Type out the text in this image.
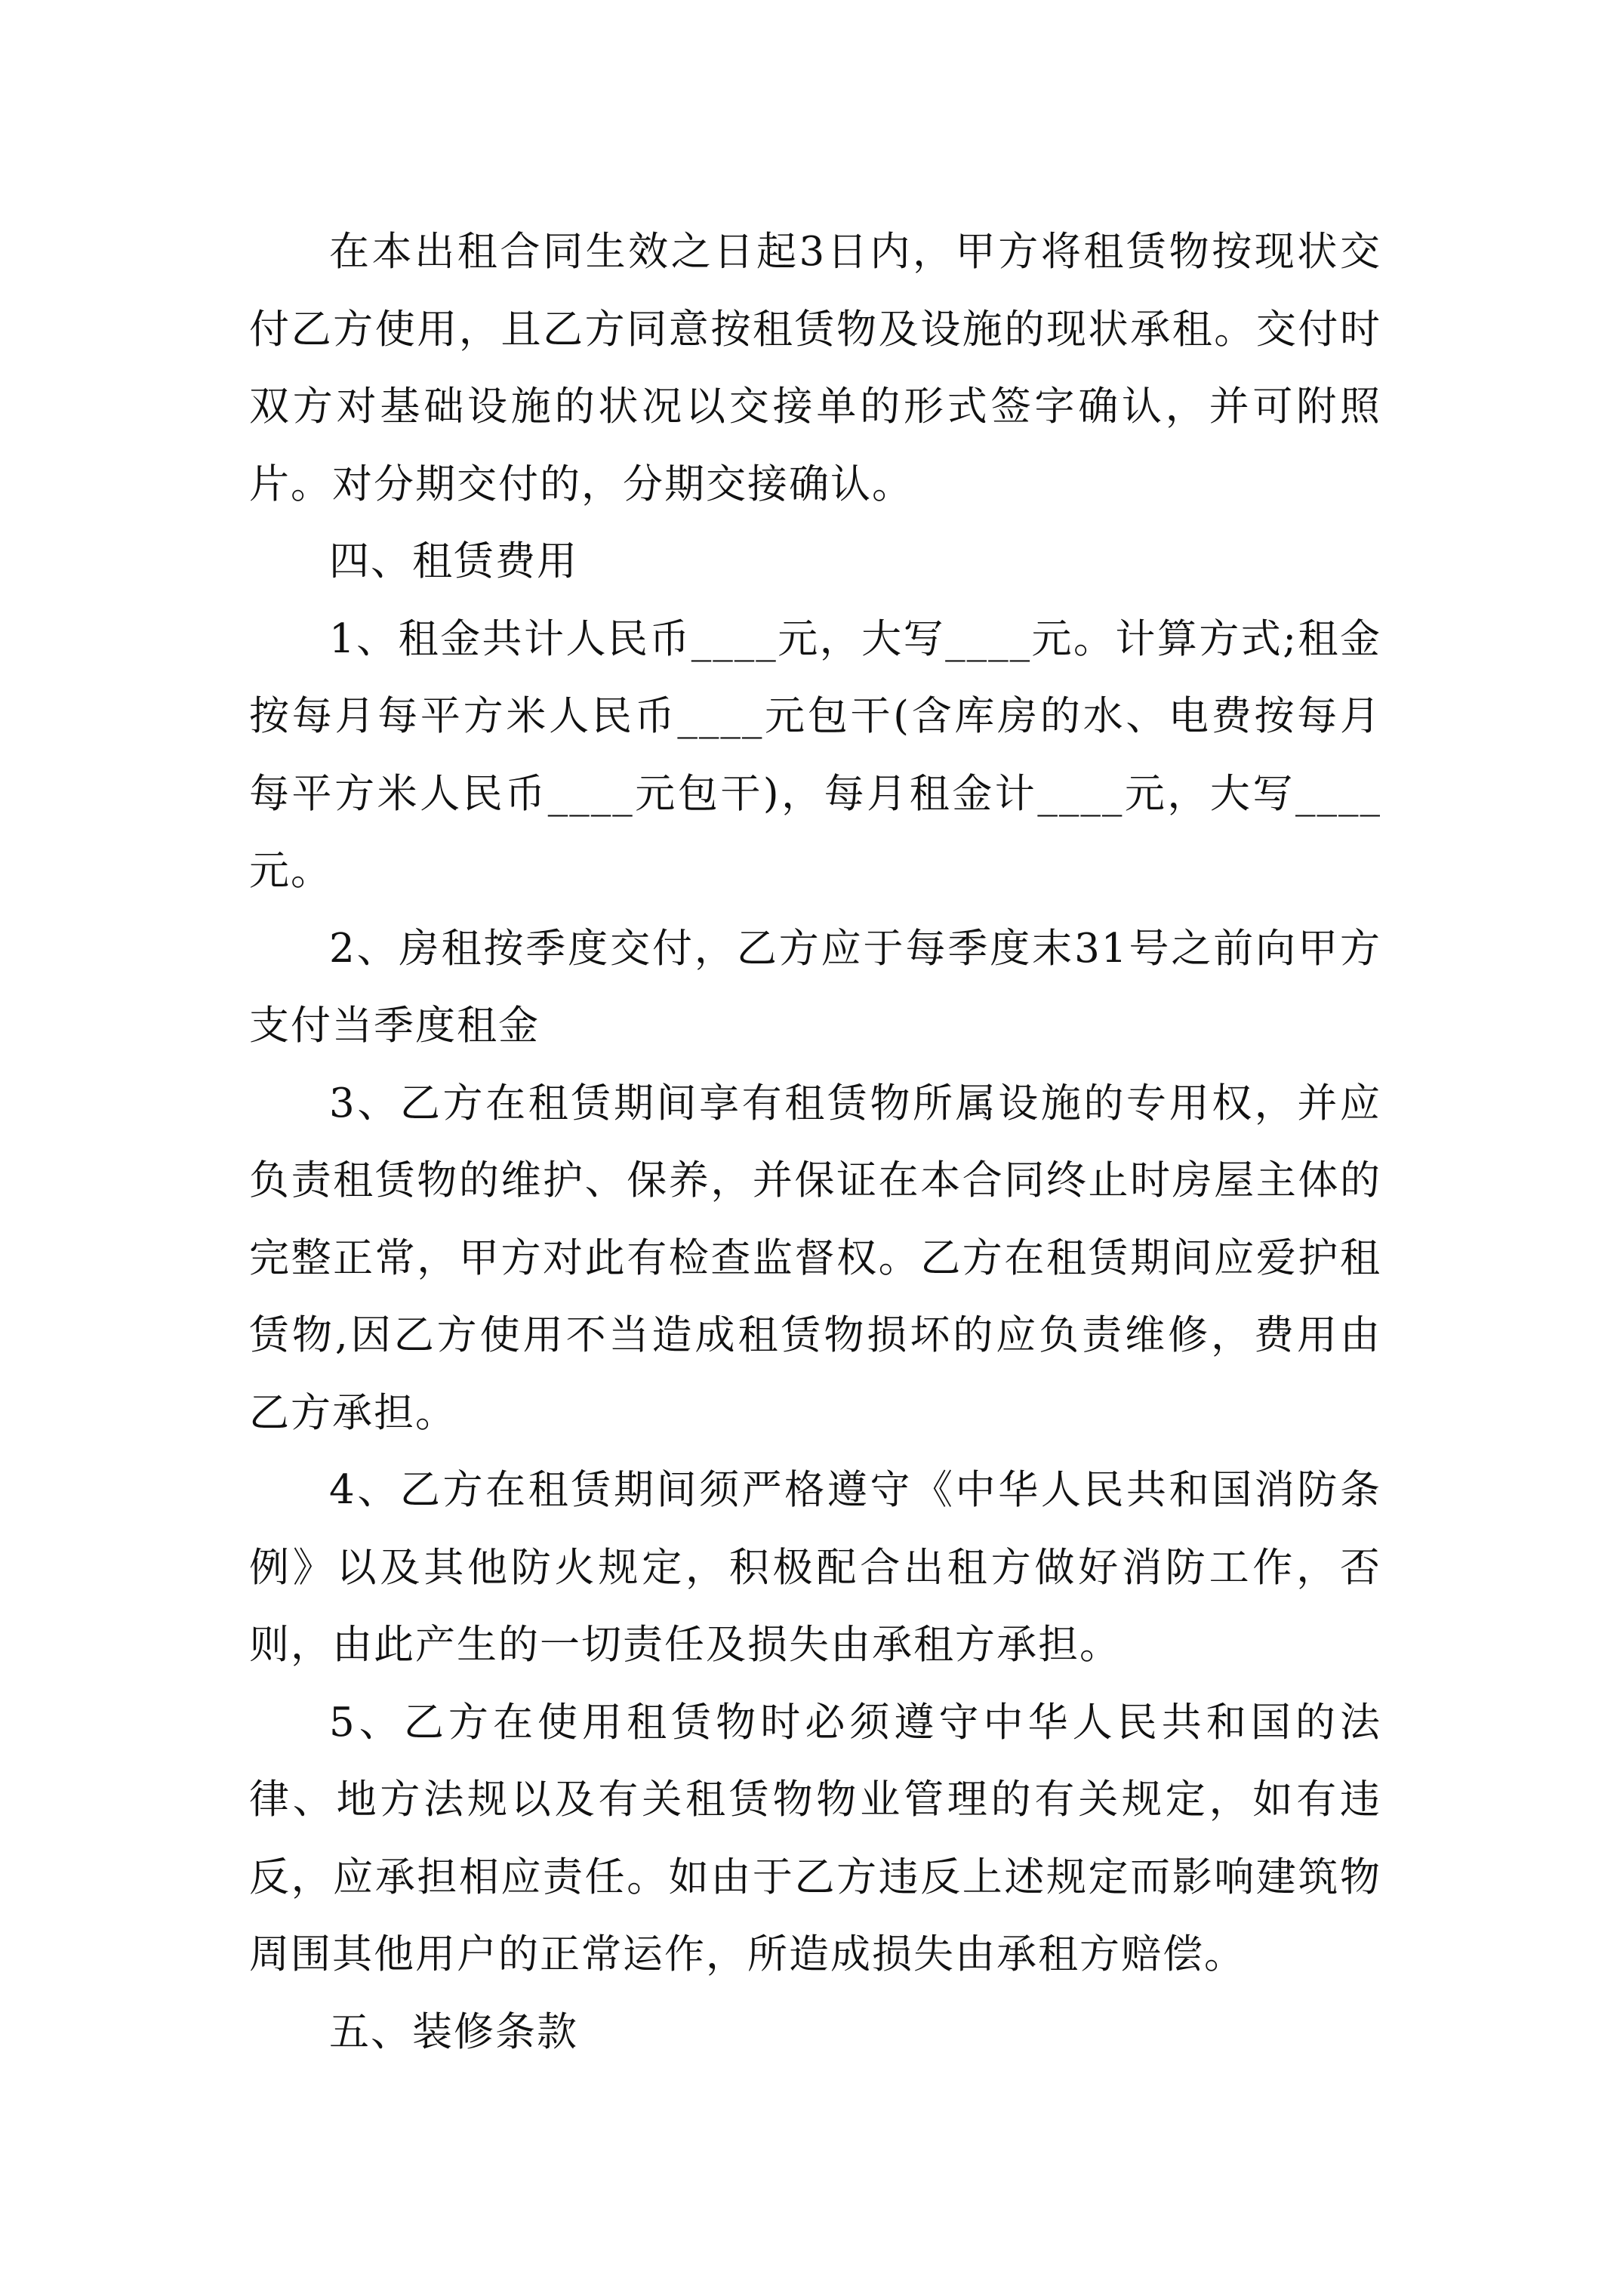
在本出租合同生效之日起3日内，甲方将租赁物按现状交付乙方使用，且乙方同意按租赁物及设施的现状承租。交付时双方对基础设施的状况以交接单的形式签字确认，并可附照片。对分期交付的，分期交接确认。

四、租赁费用

1、租金共计人民币____元，大写____元。计算方式;租金按每月每平方米人民币____元包干(含库房的水、电费按每月每平方米人民币____元包干)，每月租金计____元，大写____元。

2、房租按季度交付，乙方应于每季度末31号之前向甲方支付当季度租金

3、乙方在租赁期间享有租赁物所属设施的专用权，并应负责租赁物的维护、保养，并保证在本合同终止时房屋主体的完整正常，甲方对此有检查监督权。乙方在租赁期间应爱护租赁物,因乙方使用不当造成租赁物损坏的应负责维修，费用由乙方承担。

4、乙方在租赁期间须严格遵守《中华人民共和国消防条例》以及其他防火规定，积极配合出租方做好消防工作，否则，由此产生的一切责任及损失由承租方承担。

5、乙方在使用租赁物时必须遵守中华人民共和国的法律、地方法规以及有关租赁物物业管理的有关规定，如有违反，应承担相应责任。如由于乙方违反上述规定而影响建筑物周围其他用户的正常运作，所造成损失由承租方赔偿。

五、装修条款
